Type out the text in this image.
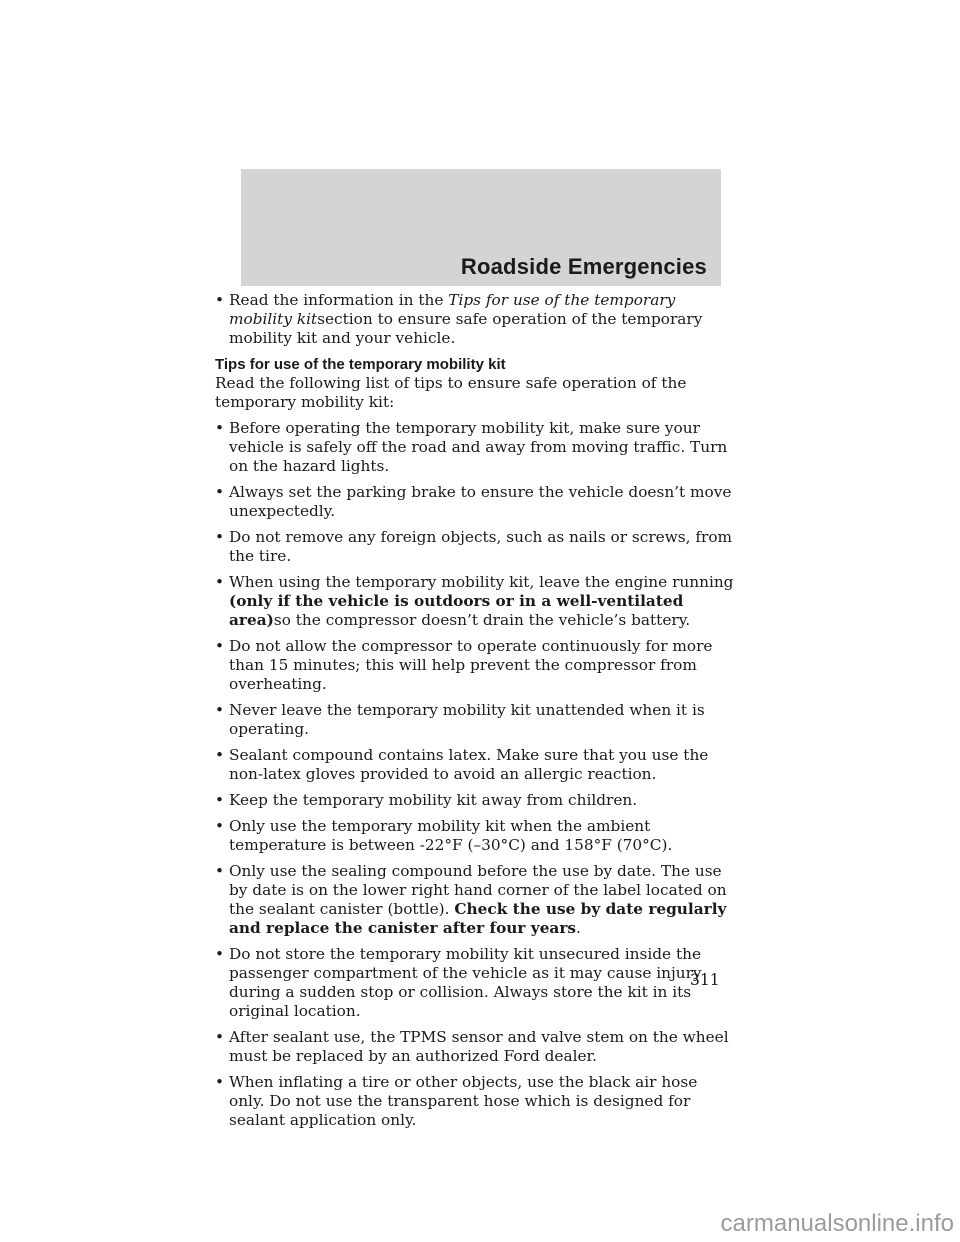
Roadside Emergencies
• Read the information in the Tips for use of the temporary mobility kitsection to ensure safe operation of the temporary mobility kit and your vehicle.

Tips for use of the temporary mobility kit

Read the following list of tips to ensure safe operation of the temporary mobility kit:

• Before operating the temporary mobility kit, make sure your vehicle is safely off the road and away from moving traffic. Turn on the hazard lights.
• Always set the parking brake to ensure the vehicle doesn’t move unexpectedly.
• Do not remove any foreign objects, such as nails or screws, from the tire.
• When using the temporary mobility kit, leave the engine running (only if the vehicle is outdoors or in a well-ventilated area)so the compressor doesn’t drain the vehicle’s battery.
• Do not allow the compressor to operate continuously for more than 15 minutes; this will help prevent the compressor from overheating.
• Never leave the temporary mobility kit unattended when it is operating.
• Sealant compound contains latex. Make sure that you use the non-latex gloves provided to avoid an allergic reaction.
• Keep the temporary mobility kit away from children.
• Only use the temporary mobility kit when the ambient temperature is between -22°F (–30°C) and 158°F (70°C).
• Only use the sealing compound before the use by date. The use by date is on the lower right hand corner of the label located on the sealant canister (bottle). Check the use by date regularly and replace the canister after four years.
• Do not store the temporary mobility kit unsecured inside the passenger compartment of the vehicle as it may cause injury during a sudden stop or collision. Always store the kit in its original location.
• After sealant use, the TPMS sensor and valve stem on the wheel must be replaced by an authorized Ford dealer.
• When inflating a tire or other objects, use the black air hose only. Do not use the transparent hose which is designed for sealant application only.
311
carmanualsonline.info
